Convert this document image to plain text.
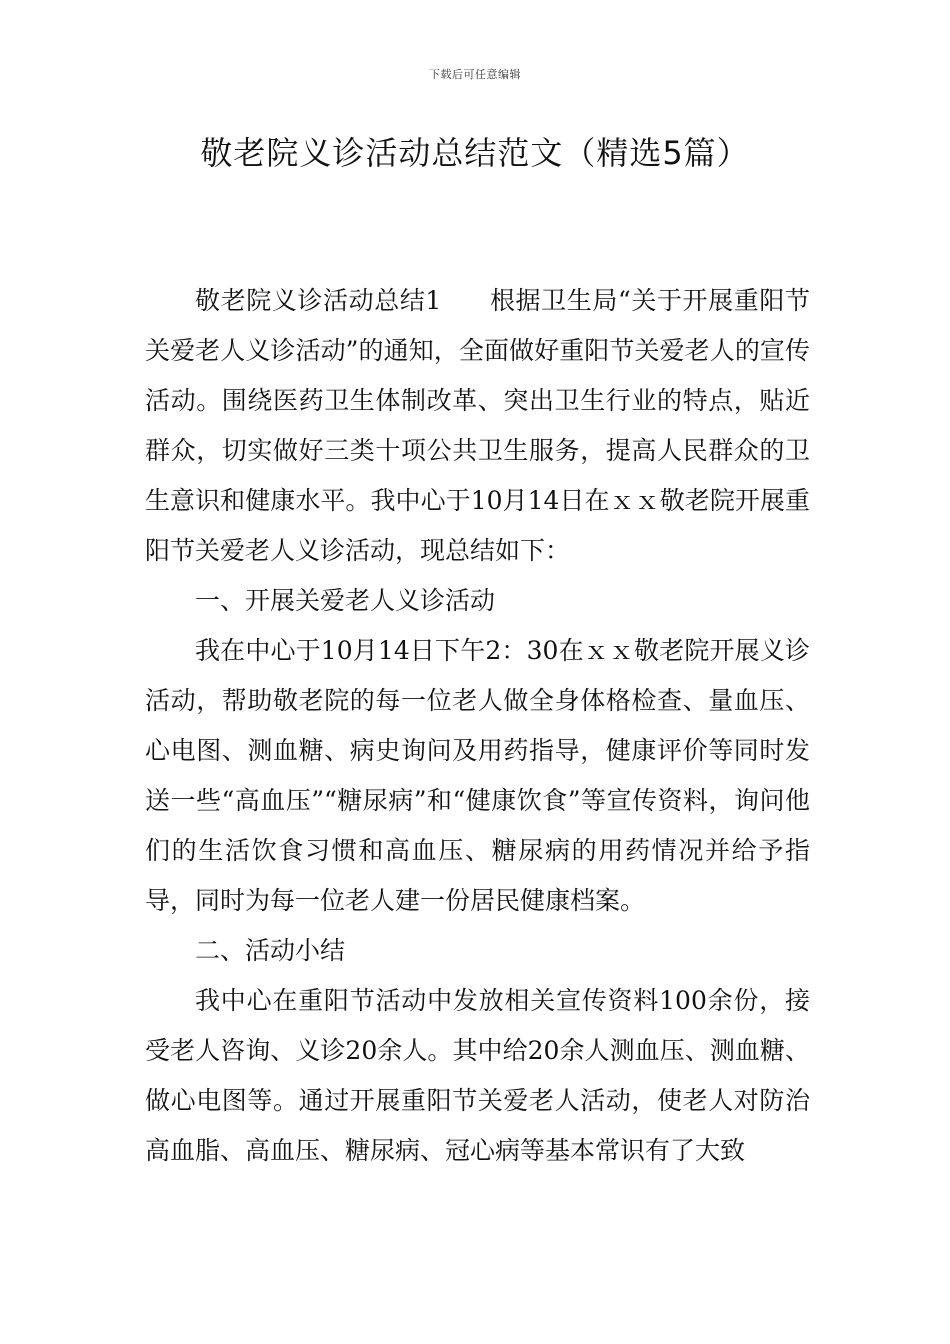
下载后可任意编辑
敬老院义诊活动总结范文（精选5篇）

敬老院义诊活动总结1 根据卫生局“关于开展重阳节关爱老人义诊活动”的通知，全面做好重阳节关爱老人的宣传活动。围绕医药卫生体制改革、突出卫生行业的特点，贴近群众，切实做好三类十项公共卫生服务，提高人民群众的卫生意识和健康水平。我中心于10月14日在ｘｘ敬老院开展重阳节关爱老人义诊活动，现总结如下：

一、开展关爱老人义诊活动

我在中心于10月14日下午2：30在ｘｘ敬老院开展义诊活动，帮助敬老院的每一位老人做全身体格检查、量血压、心电图、测血糖、病史询问及用药指导，健康评价等同时发送一些“高血压”“糖尿病”和“健康饮食”等宣传资料，询问他们的生活饮食习惯和高血压、糖尿病的用药情况并给予指导，同时为每一位老人建一份居民健康档案。

二、活动小结

我中心在重阳节活动中发放相关宣传资料100余份，接受老人咨询、义诊20余人。其中给20余人测血压、测血糖、做心电图等。通过开展重阳节关爱老人活动，使老人对防治高血脂、高血压、糖尿病、冠心病等基本常识有了大致
